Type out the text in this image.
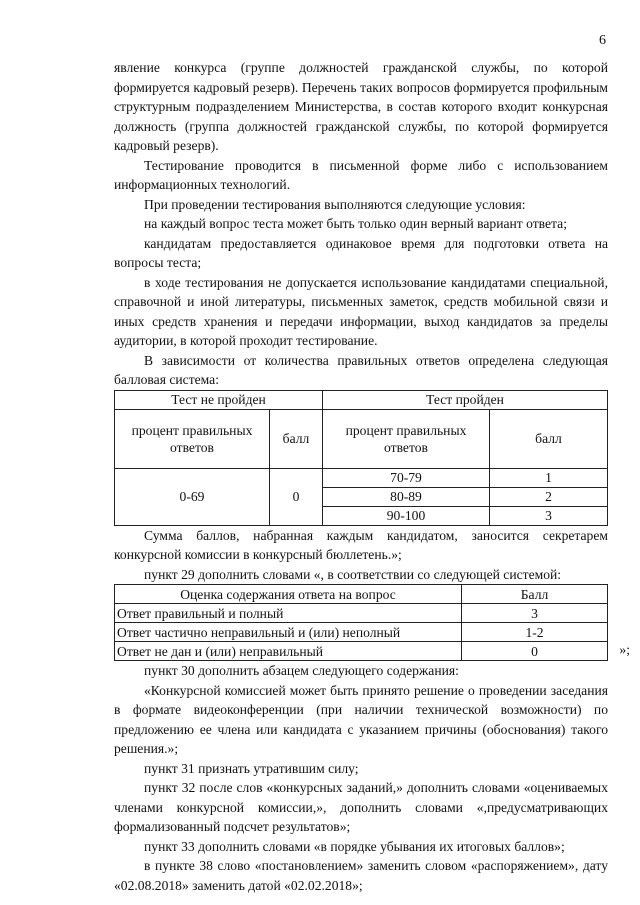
6

явление конкурса (группе должностей гражданской службы, по которой формируется кадровый резерв). Перечень таких вопросов формируется профильным структурным подразделением Министерства, в состав которого входит конкурсная должность (группа должностей гражданской службы, по которой формируется кадровый резерв).

Тестирование проводится в письменной форме либо с использованием информационных технологий.

При проведении тестирования выполняются следующие условия:

на каждый вопрос теста может быть только один верный вариант ответа;

кандидатам предоставляется одинаковое время для подготовки ответа на вопросы теста;

в ходе тестирования не допускается использование кандидатами специальной, справочной и иной литературы, письменных заметок, средств мобильной связи и иных средств хранения и передачи информации, выход кандидатов за пределы аудитории, в которой проходит тестирование.

В зависимости от количества правильных ответов определена следующая балловая система:

Тест не пройден		Тест пройден	
процент правильных ответов	балл	процент правильных ответов	балл
0-69	0	70-79	1
		80-89	2
		90-100	3

Сумма баллов, набранная каждым кандидатом, заносится секретарем конкурсной комиссии в конкурсный бюллетень.»;

пункт 29 дополнить словами «, в соответствии со следующей системой:

Оценка содержания ответа на вопрос	Балл
Ответ правильный и полный	3
Ответ частично неправильный и (или) неполный	1-2
Ответ не дан и (или) неправильный	0	»;

пункт 30 дополнить абзацем следующего содержания:

«Конкурсной комиссией может быть принято решение о проведении заседания в формате видеоконференции (при наличии технической возможности) по предложению ее члена или кандидата с указанием причины (обоснования) такого решения.»;

пункт 31 признать утратившим силу;

пункт 32 после слов «конкурсных заданий,» дополнить словами «оцениваемых членами конкурсной комиссии,», дополнить словами «,предусматривающих формализованный подсчет результатов»;

пункт 33 дополнить словами «в порядке убывания их итоговых баллов»;

в пункте 38 слово «постановлением» заменить словом «распоряжением», дату «02.08.2018» заменить датой «02.02.2018»;
